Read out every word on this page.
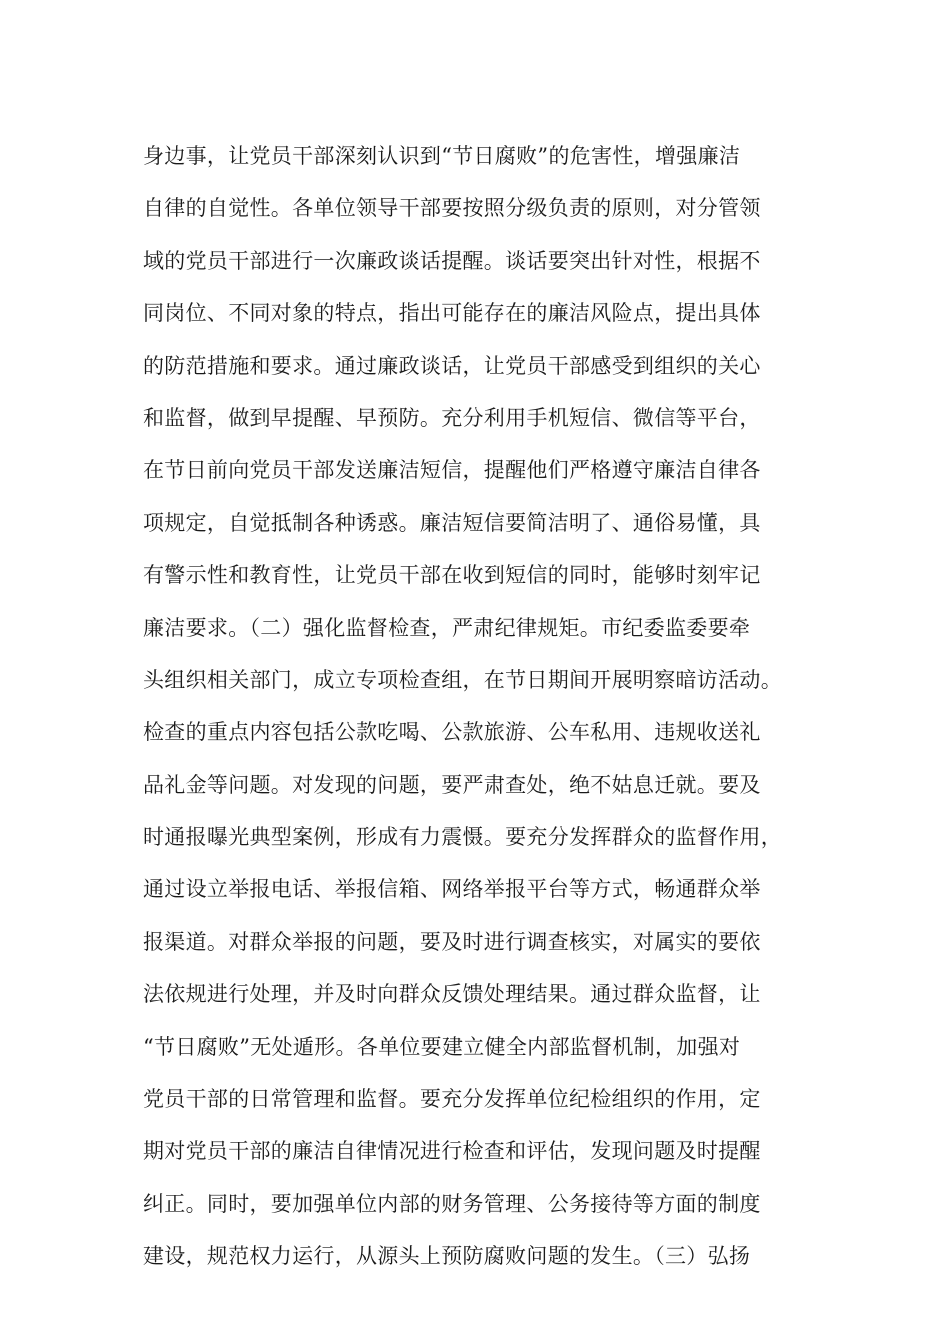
身边事，让党员干部深刻认识到“节日腐败”的危害性，增强廉洁
自律的自觉性。各单位领导干部要按照分级负责的原则，对分管领
域的党员干部进行一次廉政谈话提醒。谈话要突出针对性，根据不
同岗位、不同对象的特点，指出可能存在的廉洁风险点，提出具体
的防范措施和要求。通过廉政谈话，让党员干部感受到组织的关心
和监督，做到早提醒、早预防。充分利用手机短信、微信等平台，
在节日前向党员干部发送廉洁短信，提醒他们严格遵守廉洁自律各
项规定，自觉抵制各种诱惑。廉洁短信要简洁明了、通俗易懂，具
有警示性和教育性，让党员干部在收到短信的同时，能够时刻牢记
廉洁要求。（二）强化监督检查，严肃纪律规矩。市纪委监委要牵
头组织相关部门，成立专项检查组，在节日期间开展明察暗访活动。
检查的重点内容包括公款吃喝、公款旅游、公车私用、违规收送礼
品礼金等问题。对发现的问题，要严肃查处，绝不姑息迁就。要及
时通报曝光典型案例，形成有力震慑。要充分发挥群众的监督作用，
通过设立举报电话、举报信箱、网络举报平台等方式，畅通群众举
报渠道。对群众举报的问题，要及时进行调查核实，对属实的要依
法依规进行处理，并及时向群众反馈处理结果。通过群众监督，让
“节日腐败”无处遁形。各单位要建立健全内部监督机制，加强对
党员干部的日常管理和监督。要充分发挥单位纪检组织的作用，定
期对党员干部的廉洁自律情况进行检查和评估，发现问题及时提醒
纠正。同时，要加强单位内部的财务管理、公务接待等方面的制度
建设，规范权力运行，从源头上预防腐败问题的发生。（三）弘扬
